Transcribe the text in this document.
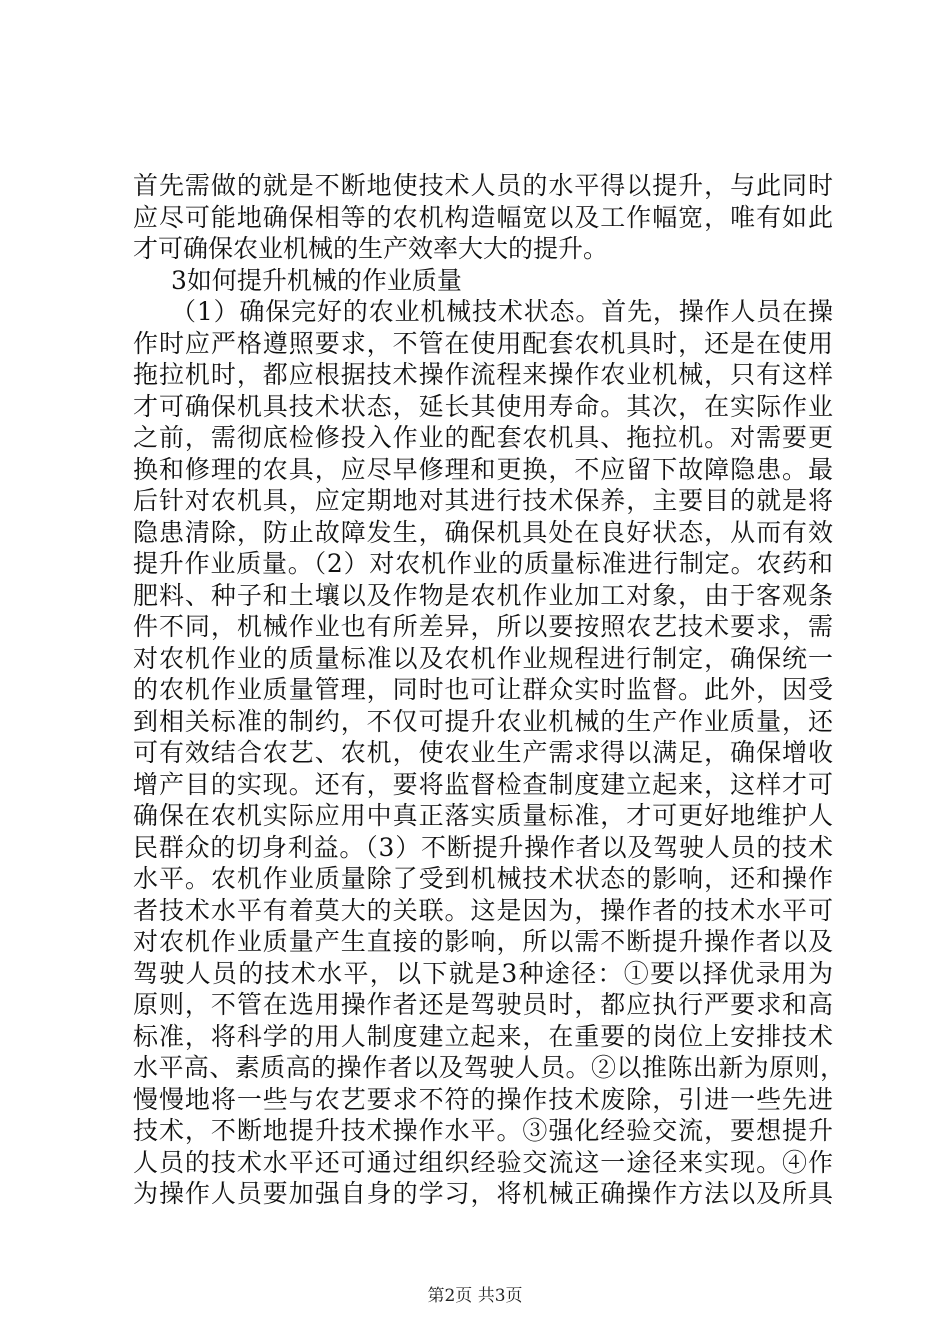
首先需做的就是不断地使技术人员的水平得以提升，与此同时
应尽可能地确保相等的农机构造幅宽以及工作幅宽，唯有如此
才可确保农业机械的生产效率大大的提升。
3如何提升机械的作业质量
（1）确保完好的农业机械技术状态。首先，操作人员在操
作时应严格遵照要求，不管在使用配套农机具时，还是在使用
拖拉机时，都应根据技术操作流程来操作农业机械，只有这样
才可确保机具技术状态，延长其使用寿命。其次，在实际作业
之前，需彻底检修投入作业的配套农机具、拖拉机。对需要更
换和修理的农具，应尽早修理和更换，不应留下故障隐患。最
后针对农机具，应定期地对其进行技术保养，主要目的就是将
隐患清除，防止故障发生，确保机具处在良好状态，从而有效
提升作业质量。（2）对农机作业的质量标准进行制定。农药和
肥料、种子和土壤以及作物是农机作业加工对象，由于客观条
件不同，机械作业也有所差异，所以要按照农艺技术要求，需
对农机作业的质量标准以及农机作业规程进行制定，确保统一
的农机作业质量管理，同时也可让群众实时监督。此外，因受
到相关标准的制约，不仅可提升农业机械的生产作业质量，还
可有效结合农艺、农机，使农业生产需求得以满足，确保增收
增产目的实现。还有，要将监督检查制度建立起来，这样才可
确保在农机实际应用中真正落实质量标准，才可更好地维护人
民群众的切身利益。（3）不断提升操作者以及驾驶人员的技术
水平。农机作业质量除了受到机械技术状态的影响，还和操作
者技术水平有着莫大的关联。这是因为，操作者的技术水平可
对农机作业质量产生直接的影响，所以需不断提升操作者以及
驾驶人员的技术水平，以下就是3种途径：①要以择优录用为
原则，不管在选用操作者还是驾驶员时，都应执行严要求和高
标准，将科学的用人制度建立起来，在重要的岗位上安排技术
水平高、素质高的操作者以及驾驶人员。②以推陈出新为原则，
慢慢地将一些与农艺要求不符的操作技术废除，引进一些先进
技术，不断地提升技术操作水平。③强化经验交流，要想提升
人员的技术水平还可通过组织经验交流这一途径来实现。④作
为操作人员要加强自身的学习，将机械正确操作方法以及所具
第2页 共3页
